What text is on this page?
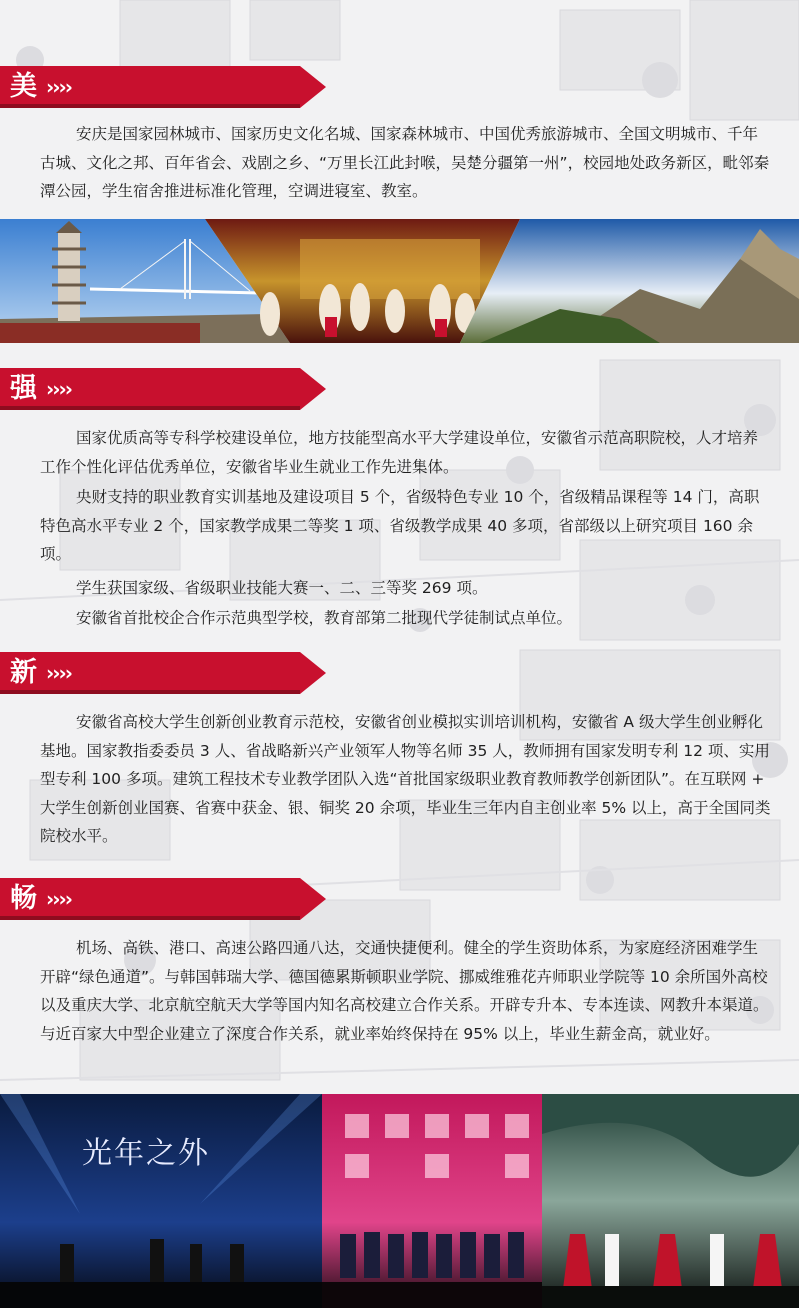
美 ››››

安庆是国家园林城市、国家历史文化名城、国家森林城市、中国优秀旅游城市、全国文明城市、千年古城、文化之邦、百年省会、戏剧之乡、“万里长江此封喉，吴楚分疆第一州”，校园地处政务新区，毗邻秦潭公园，学生宿舍推进标准化管理，空调进寝室、教室。

强 ››››

国家优质高等专科学校建设单位，地方技能型高水平大学建设单位，安徽省示范高职院校，人才培养工作个性化评估优秀单位，安徽省毕业生就业工作先进集体。

央财支持的职业教育实训基地及建设项目 5 个，省级特色专业 10 个，省级精品课程等 14 门，高职特色高水平专业 2 个，国家教学成果二等奖 1 项、省级教学成果 40 多项，省部级以上研究项目 160 余项。

学生获国家级、省级职业技能大赛一、二、三等奖 269 项。

安徽省首批校企合作示范典型学校，教育部第二批现代学徒制试点单位。

新 ››››

安徽省高校大学生创新创业教育示范校，安徽省创业模拟实训培训机构，安徽省 A 级大学生创业孵化基地。国家教指委委员 3 人、省战略新兴产业领军人物等名师 35 人，教师拥有国家发明专利 12 项、实用型专利 100 多项。建筑工程技术专业教学团队入选“首批国家级职业教育教师教学创新团队”。在互联网 + 大学生创新创业国赛、省赛中获金、银、铜奖 20 余项，毕业生三年内自主创业率 5% 以上，高于全国同类院校水平。

畅 ››››

机场、高铁、港口、高速公路四通八达，交通快捷便利。健全的学生资助体系，为家庭经济困难学生开辟“绿色通道”。与韩国韩瑞大学、德国德累斯顿职业学院、挪威维雅花卉师职业学院等 10 余所国外高校以及重庆大学、北京航空航天大学等国内知名高校建立合作关系。开辟专升本、专本连读、网教升本渠道。与近百家大中型企业建立了深度合作关系，就业率始终保持在 95% 以上，毕业生薪金高，就业好。

光年之外
